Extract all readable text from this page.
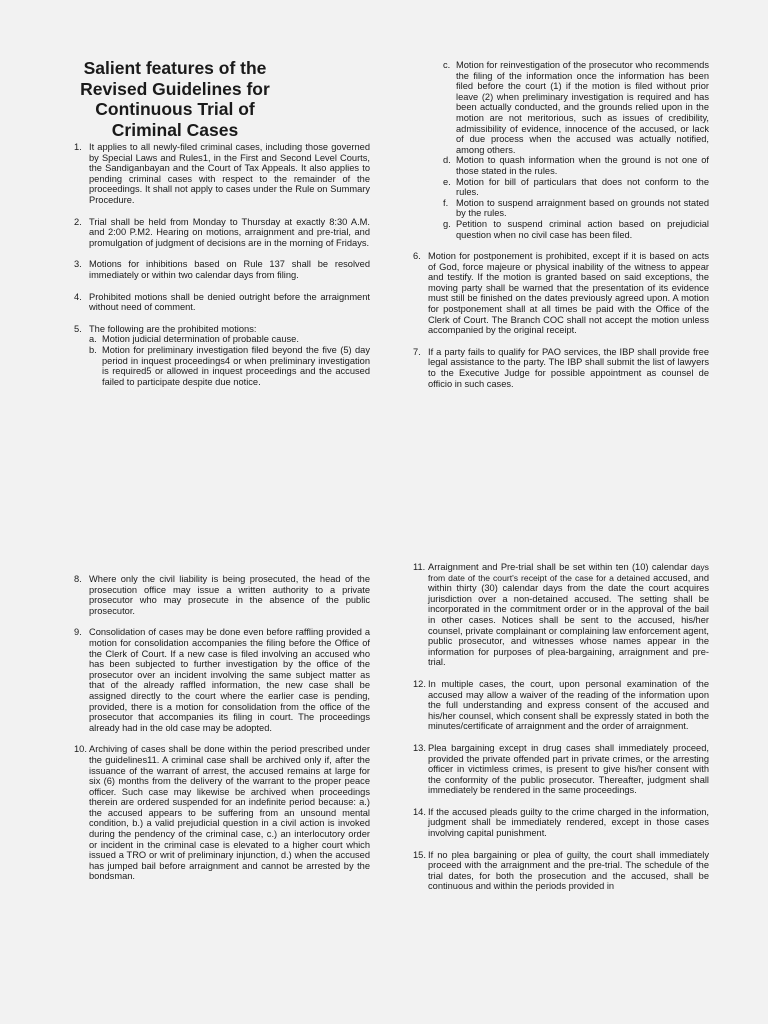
Salient features of the Revised Guidelines for Continuous Trial of Criminal Cases

1. It applies to all newly-filed criminal cases, including those governed by Special Laws and Rules1, in the First and Second Level Courts, the Sandiganbayan and the Court of Tax Appeals. It also applies to pending criminal cases with respect to the remainder of the proceedings. It shall not apply to cases under the Rule on Summary Procedure.

2. Trial shall be held from Monday to Thursday at exactly 8:30 A.M. and 2:00 P.M2. Hearing on motions, arraignment and pre-trial, and promulgation of judgment of decisions are in the morning of Fridays.

3. Motions for inhibitions based on Rule 137 shall be resolved immediately or within two calendar days from filing.

4. Prohibited motions shall be denied outright before the arraignment without need of comment.

5. The following are the prohibited motions:

a. Motion judicial determination of probable cause.

b. Motion for preliminary investigation filed beyond the five (5) day period in inquest proceedings4 or when preliminary investigation is required5 or allowed in inquest proceedings and the accused failed to participate despite due notice.

c. Motion for reinvestigation of the prosecutor who recommends the filing of the information once the information has been filed before the court (1) if the motion is filed without prior leave (2) when preliminary investigation is required and has been actually conducted, and the grounds relied upon in the motion are not meritorious, such as issues of credibility, admissibility of evidence, innocence of the accused, or lack of due process when the accused was actually notified, among others.

d. Motion to quash information when the ground is not one of those stated in the rules.

e. Motion for bill of particulars that does not conform to the rules.

f. Motion to suspend arraignment based on grounds not stated by the rules.

g. Petition to suspend criminal action based on prejudicial question when no civil case has been filed.

6. Motion for postponement is prohibited, except if it is based on acts of God, force majeure or physical inability of the witness to appear and testify. If the motion is granted based on said exceptions, the moving party shall be warned that the presentation of its evidence must still be finished on the dates previously agreed upon. A motion for postponement shall at all times be paid with the Office of the Clerk of Court. The Branch COC shall not accept the motion unless accompanied by the original receipt.

7. If a party fails to qualify for PAO services, the IBP shall provide free legal assistance to the party. The IBP shall submit the list of lawyers to the Executive Judge for possible appointment as counsel de officio in such cases.

8. Where only the civil liability is being prosecuted, the head of the prosecution office may issue a written authority to a private prosecutor who may prosecute in the absence of the public prosecutor.

9. Consolidation of cases may be done even before raffling provided a motion for consolidation accompanies the filing before the Office of the Clerk of Court. If a new case is filed involving an accused who has been subjected to further investigation by the office of the prosecutor over an incident involving the same subject matter as that of the already raffled information, the new case shall be assigned directly to the court where the earlier case is pending, provided, there is a motion for consolidation from the office of the prosecutor that accompanies its filing in court. The proceedings already had in the old case may be adopted.

10. Archiving of cases shall be done within the period prescribed under the guidelines11. A criminal case shall be archived only if, after the issuance of the warrant of arrest, the accused remains at large for six (6) months from the delivery of the warrant to the proper peace officer. Such case may likewise be archived when proceedings therein are ordered suspended for an indefinite period because: a.) the accused appears to be suffering from an unsound mental condition, b.) a valid prejudicial question in a civil action is invoked during the pendency of the criminal case, c.) an interlocutory order or incident in the criminal case is elevated to a higher court which issued a TRO or writ of preliminary injunction, d.) when the accused has jumped bail before arraignment and cannot be arrested by the bondsman.

11. Arraignment and Pre-trial shall be set within ten (10) calendar days from date of the court's receipt of the case for a detained accused, and within thirty (30) calendar days from the date the court acquires jurisdiction over a non-detained accused. The setting shall be incorporated in the commitment order or in the approval of the bail in other cases. Notices shall be sent to the accused, his/her counsel, private complainant or complaining law enforcement agent, public prosecutor, and witnesses whose names appear in the information for purposes of plea-bargaining, arraignment and pre-trial.

12. In multiple cases, the court, upon personal examination of the accused may allow a waiver of the reading of the information upon the full understanding and express consent of the accused and his/her counsel, which consent shall be expressly stated in both the minutes/certificate of arraignment and the order of arraignment.

13. Plea bargaining except in drug cases shall immediately proceed, provided the private offended part in private crimes, or the arresting officer in victimless crimes, is present to give his/her consent with the conformity of the public prosecutor. Thereafter, judgment shall immediately be rendered in the same proceedings.

14. If the accused pleads guilty to the crime charged in the information, judgment shall be immediately rendered, except in those cases involving capital punishment.

15. If no plea bargaining or plea of guilty, the court shall immediately proceed with the arraignment and the pre-trial. The schedule of the trial dates, for both the prosecution and the accused, shall be continuous and within the periods provided in
